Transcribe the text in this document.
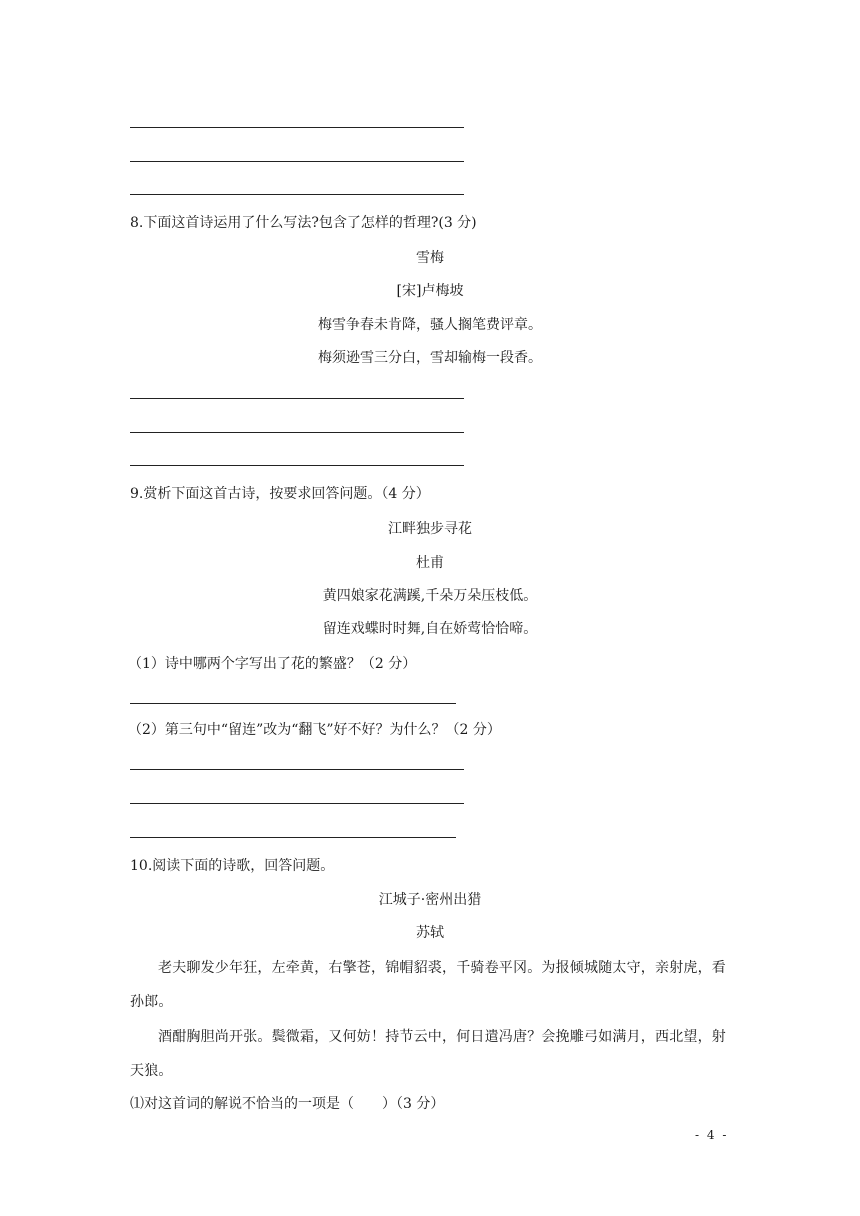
8.下面这首诗运用了什么写法?包含了怎样的哲理?(3 分)
雪梅
[宋]卢梅坡
梅雪争春未肯降，骚人搁笔费评章。
梅须逊雪三分白，雪却输梅一段香。
9.赏析下面这首古诗，按要求回答问题。（4 分）
江畔独步寻花
杜甫
黄四娘家花满蹊,千朵万朵压枝低。
留连戏蝶时时舞,自在娇莺恰恰啼。
（1）诗中哪两个字写出了花的繁盛？（2 分）
（2）第三句中“留连”改为“翻飞”好不好？为什么？（2 分）
10.阅读下面的诗歌，回答问题。
江城子·密州出猎
苏轼
老夫聊发少年狂，左牵黄，右擎苍，锦帽貂裘，千骑卷平冈。为报倾城随太守，亲射虎，看孙郎。
酒酣胸胆尚开张。鬓微霜，又何妨！持节云中，何日遣冯唐？会挽雕弓如满月，西北望，射天狼。
⑴对这首词的解说不恰当的一项是（　　）（3 分）
- 4 -
